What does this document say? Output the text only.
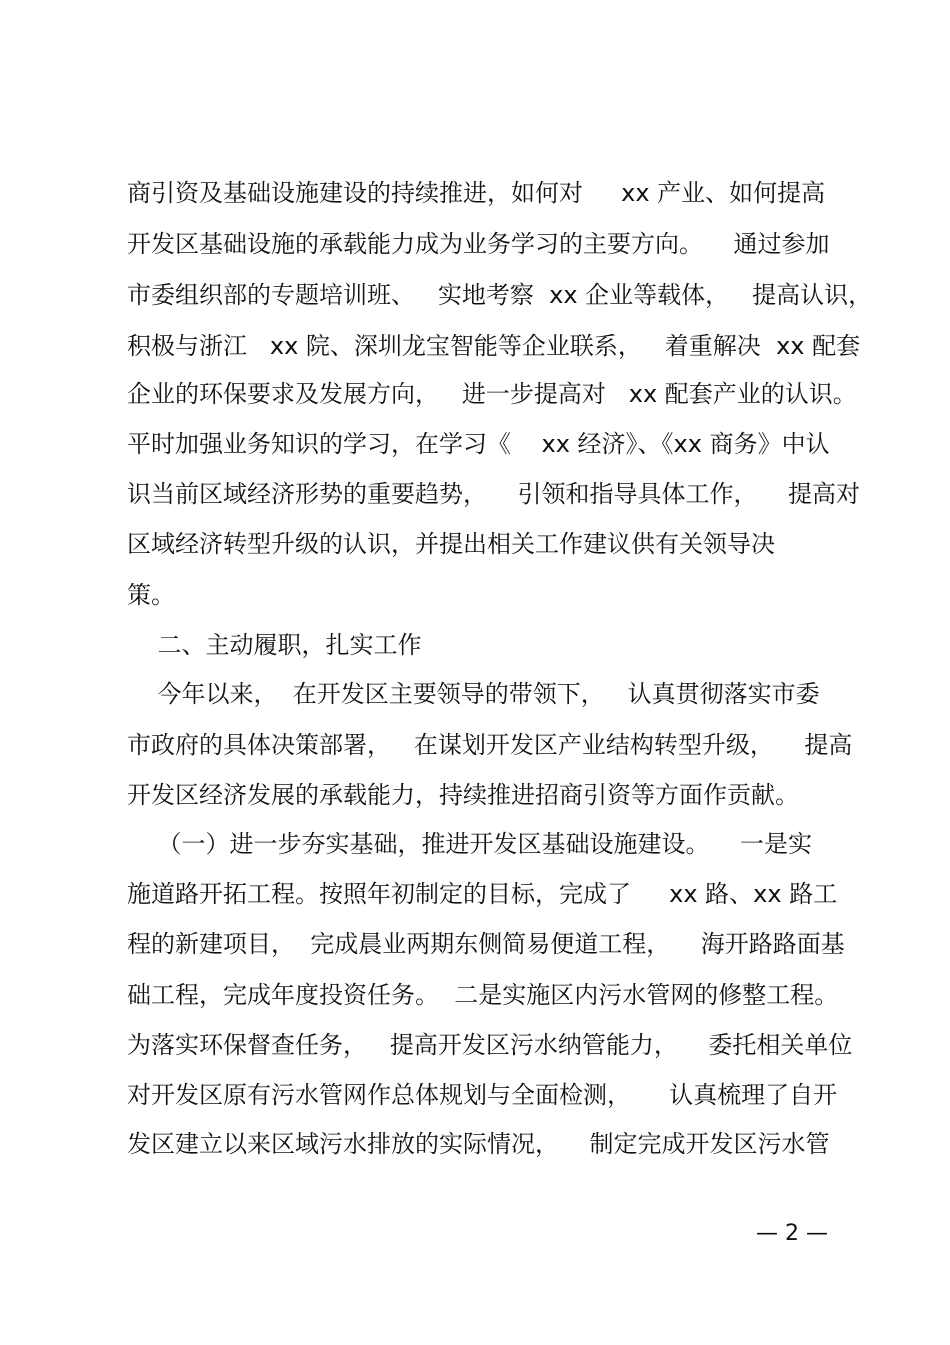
商引资及基础设施建设的持续推进，如何对     xx 产业、如何提高
开发区基础设施的承载能力成为业务学习的主要方向。    通过参加
市委组织部的专题培训班、   实地考察  xx 企业等载体，   提高认识，
积极与浙江   xx 院、深圳龙宝智能等企业联系，   着重解决  xx 配套
企业的环保要求及发展方向，   进一步提高对   xx 配套产业的认识。
平时加强业务知识的学习，在学习《    xx 经济》、《xx 商务》中认
识当前区域经济形势的重要趋势，    引领和指导具体工作，    提高对
区域经济转型升级的认识，并提出相关工作建议供有关领导决
策。
二、主动履职，扎实工作
今年以来，  在开发区主要领导的带领下，   认真贯彻落实市委
市政府的具体决策部署，   在谋划开发区产业结构转型升级，    提高
开发区经济发展的承载能力，持续推进招商引资等方面作贡献。
（一）进一步夯实基础，推进开发区基础设施建设。    一是实
施道路开拓工程。按照年初制定的目标，完成了     xx 路、xx 路工
程的新建项目，  完成晨业两期东侧简易便道工程，    海开路路面基
础工程，完成年度投资任务。  二是实施区内污水管网的修整工程。
为落实环保督查任务，   提高开发区污水纳管能力，    委托相关单位
对开发区原有污水管网作总体规划与全面检测，     认真梳理了自开
发区建立以来区域污水排放的实际情况，    制定完成开发区污水管
— 2 —
